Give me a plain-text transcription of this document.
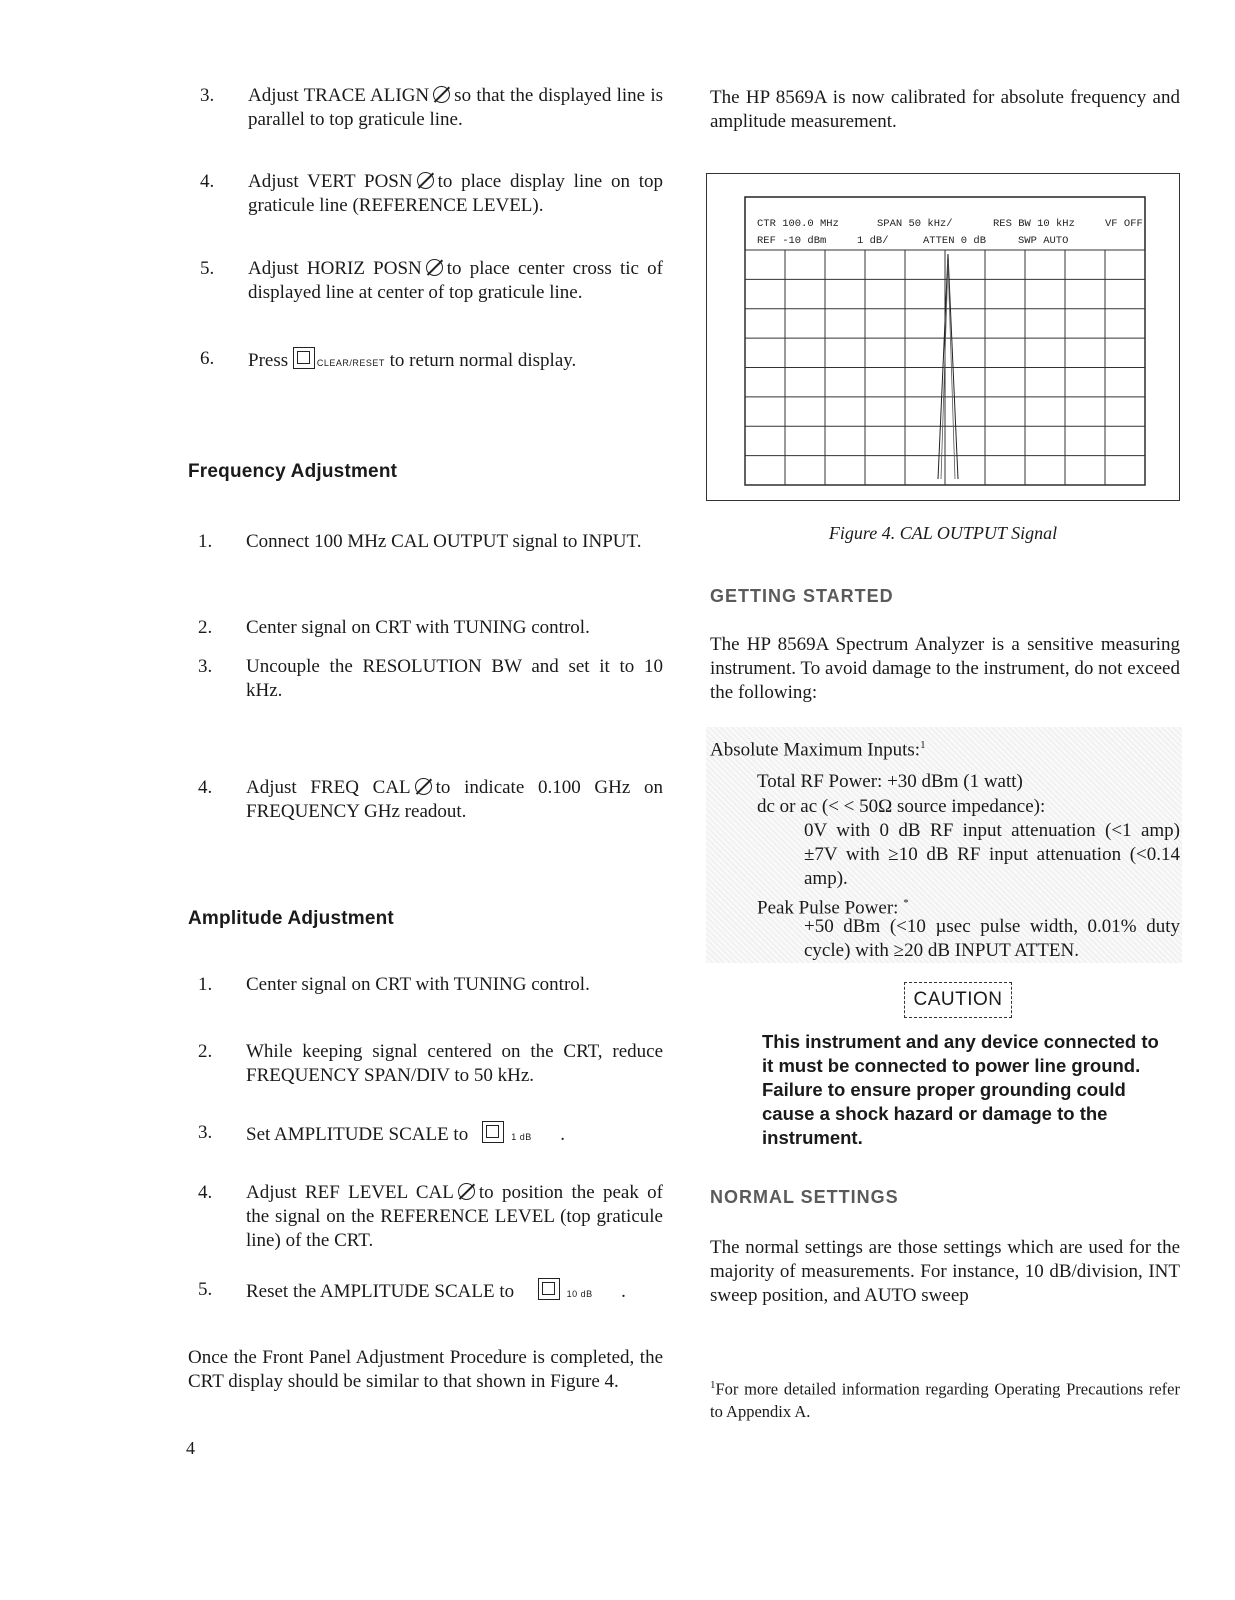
3.	Adjust TRACE ALIGN so that the displayed line is parallel to top graticule line.
4.	Adjust VERT POSN to place display line on top graticule line (REFERENCE LEVEL).
5.	Adjust HORIZ POSN to place center cross tic of displayed line at center of top graticule line.
6.	Press	CLEAR/RESET to return normal display.
Frequency Adjustment
1.	Connect 100 MHz CAL OUTPUT signal to INPUT.
2.	Center signal on CRT with TUNING control.
3.	Uncouple the RESOLUTION BW and set it to 10 kHz.
4.	Adjust FREQ CAL to indicate 0.100 GHz on FREQUENCY GHz readout.
Amplitude Adjustment
1.	Center signal on CRT with TUNING control.
2.	While keeping signal centered on the CRT, reduce FREQUENCY SPAN/DIV to 50 kHz.
3.	Set AMPLITUDE SCALE to	1 dB .
4.	Adjust REF LEVEL CAL to position the peak of the signal on the REFERENCE LEVEL (top graticule line) of the CRT.
5.	Reset the AMPLITUDE SCALE to	10 dB .
Once the Front Panel Adjustment Procedure is completed, the CRT display should be similar to that shown in Figure 4.
4
The HP 8569A is now calibrated for absolute frequency and amplitude measurement.
CTR 100.0 MHz	SPAN 50 kHz/	RES BW 10 kHz	VF OFF
REF -10 dBm	1 dB/	ATTEN 0 dB	SWP AUTO
Figure 4. CAL OUTPUT Signal
GETTING STARTED
The HP 8569A Spectrum Analyzer is a sensitive measuring instrument. To avoid damage to the instrument, do not exceed the following:
Absolute Maximum Inputs:$^1$
Total RF Power: +30 dBm (1 watt)
dc or ac (< < 50Ω source impedance):
0V with 0 dB RF input attenuation (<1 amp) ±7V with ≥10 dB RF input attenuation (<0.14 amp).
Peak Pulse Power: *
+50 dBm (<10 µsec pulse width, 0.01% duty cycle) with ≥20 dB INPUT ATTEN.
CAUTION
This instrument and any device connected to it must be connected to power line ground. Failure to ensure proper grounding could cause a shock hazard or damage to the instrument.
NORMAL SETTINGS
The normal settings are those settings which are used for the majority of measurements. For instance, 10 dB/division, INT sweep position, and AUTO sweep
$^1$For more detailed information regarding Operating Precautions refer to Appendix A.
